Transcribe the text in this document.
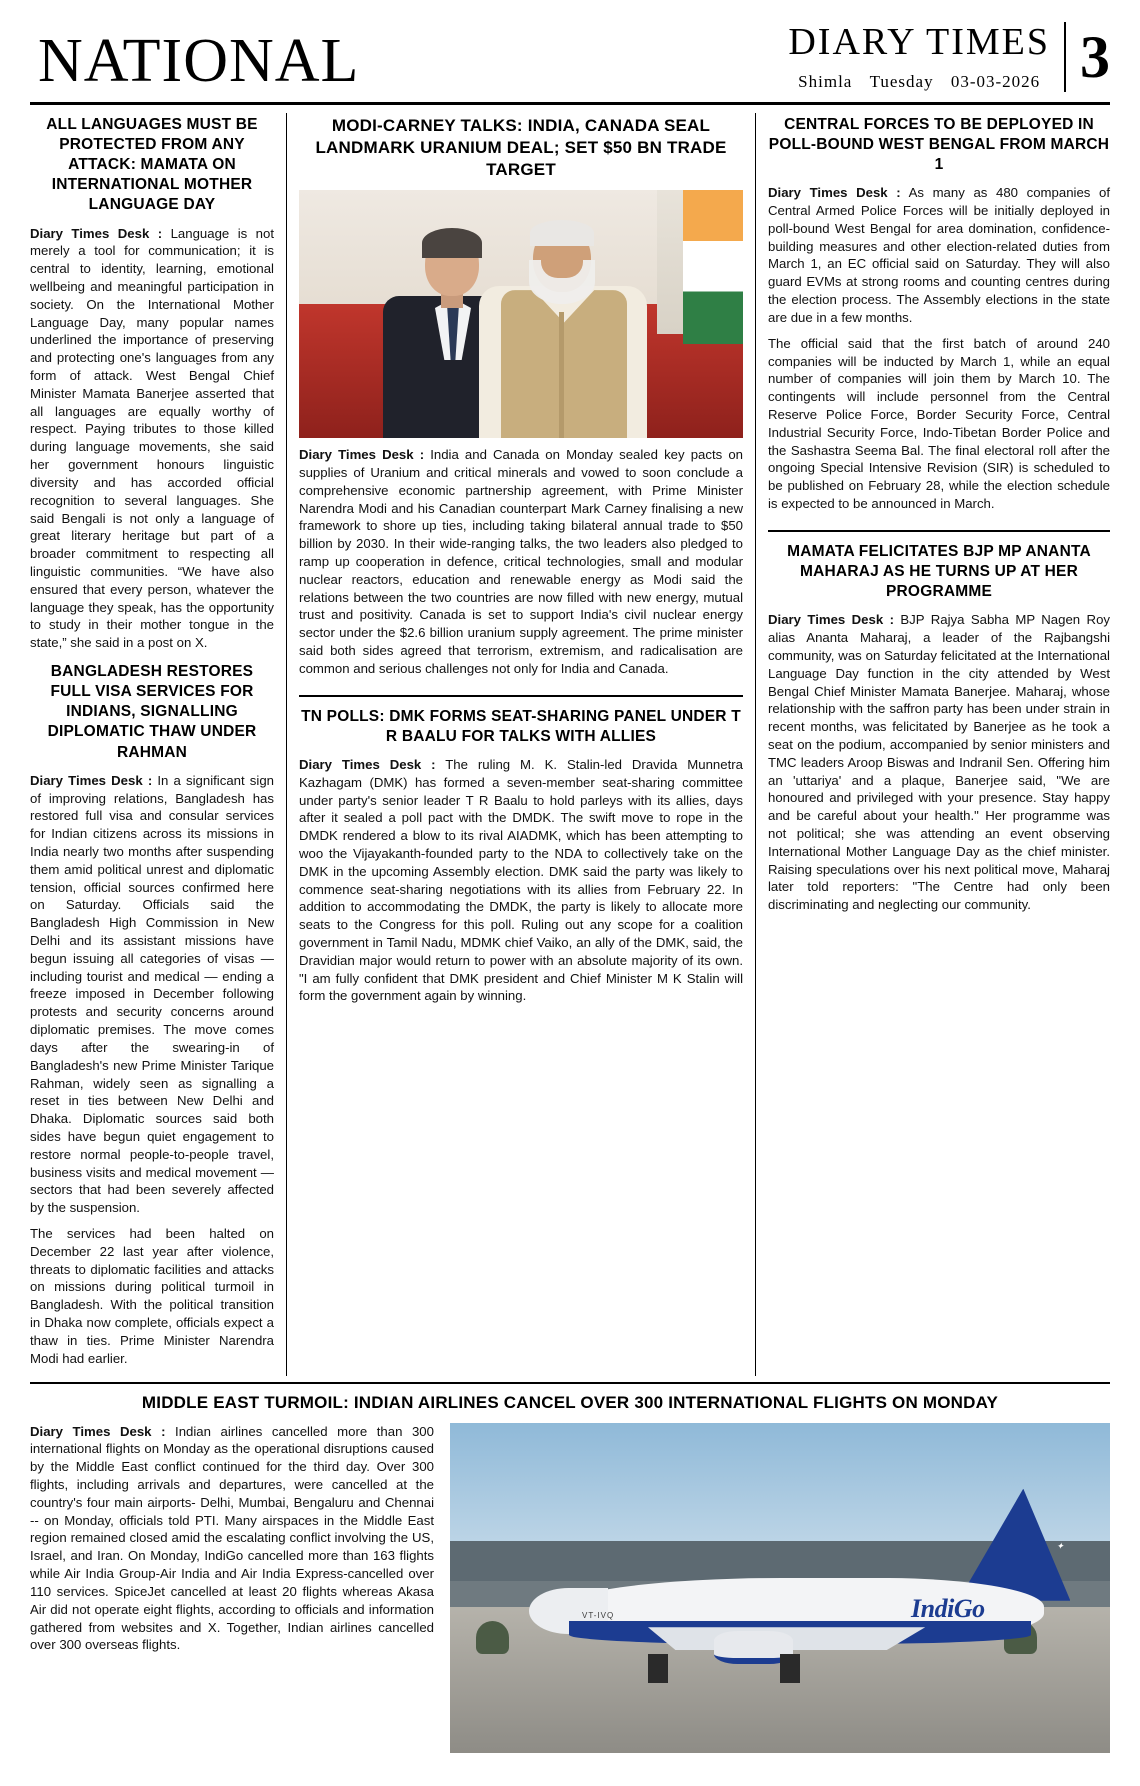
NATIONAL	DIARY TIMES
Shimla Tuesday 03-03-2026 3
ALL LANGUAGES MUST BE PROTECTED FROM ANY ATTACK: MAMATA ON INTERNATIONAL MOTHER LANGUAGE DAY

Diary Times Desk : Language is not merely a tool for communication; it is central to identity, learning, emotional wellbeing and meaningful participation in society. On the International Mother Language Day, many popular names underlined the importance of preserving and protecting one's languages from any form of attack. West Bengal Chief Minister Mamata Banerjee asserted that all languages are equally worthy of respect. Paying tributes to those killed during language movements, she said her government honours linguistic diversity and has accorded official recognition to several languages. She said Bengali is not only a language of great literary heritage but part of a broader commitment to respecting all linguistic communities. “We have also ensured that every person, whatever the language they speak, has the opportunity to study in their mother tongue in the state,” she said in a post on X.

BANGLADESH RESTORES FULL VISA SERVICES FOR INDIANS, SIGNALLING DIPLOMATIC THAW UNDER RAHMAN

Diary Times Desk : In a significant sign of improving relations, Bangladesh has restored full visa and consular services for Indian citizens across its missions in India nearly two months after suspending them amid political unrest and diplomatic tension, official sources confirmed here on Saturday. Officials said the Bangladesh High Commission in New Delhi and its assistant missions have begun issuing all categories of visas — including tourist and medical — ending a freeze imposed in December following protests and security concerns around diplomatic premises. The move comes days after the swearing-in of Bangladesh's new Prime Minister Tarique Rahman, widely seen as signalling a reset in ties between New Delhi and Dhaka. Diplomatic sources said both sides have begun quiet engagement to restore normal people-to-people travel, business visits and medical movement — sectors that had been severely affected by the suspension.

The services had been halted on December 22 last year after violence, threats to diplomatic facilities and attacks on missions during political turmoil in Bangladesh. With the political transition in Dhaka now complete, officials expect a thaw in ties. Prime Minister Narendra Modi had earlier.

MODI-CARNEY TALKS: INDIA, CANADA SEAL LANDMARK URANIUM DEAL; SET $50 BN TRADE TARGET

Diary Times Desk : India and Canada on Monday sealed key pacts on supplies of Uranium and critical minerals and vowed to soon conclude a comprehensive economic partnership agreement, with Prime Minister Narendra Modi and his Canadian counterpart Mark Carney finalising a new framework to shore up ties, including taking bilateral annual trade to $50 billion by 2030. In their wide-ranging talks, the two leaders also pledged to ramp up cooperation in defence, critical technologies, small and modular nuclear reactors, education and renewable energy as Modi said the relations between the two countries are now filled with new energy, mutual trust and positivity. Canada is set to support India's civil nuclear energy sector under the $2.6 billion uranium supply agreement. The prime minister said both sides agreed that terrorism, extremism, and radicalisation are common and serious challenges not only for India and Canada.

TN POLLS: DMK FORMS SEAT-SHARING PANEL UNDER T R BAALU FOR TALKS WITH ALLIES

Diary Times Desk : The ruling M. K. Stalin-led Dravida Munnetra Kazhagam (DMK) has formed a seven-member seat-sharing committee under party's senior leader T R Baalu to hold parleys with its allies, days after it sealed a poll pact with the DMDK. The swift move to rope in the DMDK rendered a blow to its rival AIADMK, which has been attempting to woo the Vijayakanth-founded party to the NDA to collectively take on the DMK in the upcoming Assembly election. DMK said the party was likely to commence seat-sharing negotiations with its allies from February 22. In addition to accommodating the DMDK, the party is likely to allocate more seats to the Congress for this poll. Ruling out any scope for a coalition government in Tamil Nadu, MDMK chief Vaiko, an ally of the DMK, said, the Dravidian major would return to power with an absolute majority of its own. "I am fully confident that DMK president and Chief Minister M K Stalin will form the government again by winning.

CENTRAL FORCES TO BE DEPLOYED IN POLL-BOUND WEST BENGAL FROM MARCH 1

Diary Times Desk : As many as 480 companies of Central Armed Police Forces will be initially deployed in poll-bound West Bengal for area domination, confidence-building measures and other election-related duties from March 1, an EC official said on Saturday. They will also guard EVMs at strong rooms and counting centres during the election process. The Assembly elections in the state are due in a few months.

The official said that the first batch of around 240 companies will be inducted by March 1, while an equal number of companies will join them by March 10. The contingents will include personnel from the Central Reserve Police Force, Border Security Force, Central Industrial Security Force, Indo-Tibetan Border Police and the Sashastra Seema Bal. The final electoral roll after the ongoing Special Intensive Revision (SIR) is scheduled to be published on February 28, while the election schedule is expected to be announced in March.

MAMATA FELICITATES BJP MP ANANTA MAHARAJ AS HE TURNS UP AT HER PROGRAMME

Diary Times Desk : BJP Rajya Sabha MP Nagen Roy alias Ananta Maharaj, a leader of the Rajbangshi community, was on Saturday felicitated at the International Language Day function in the city attended by West Bengal Chief Minister Mamata Banerjee. Maharaj, whose relationship with the saffron party has been under strain in recent months, was felicitated by Banerjee as he took a seat on the podium, accompanied by senior ministers and TMC leaders Aroop Biswas and Indranil Sen. Offering him an 'uttariya' and a plaque, Banerjee said, "We are honoured and privileged with your presence. Stay happy and be careful about your health." Her programme was not political; she was attending an event observing International Mother Language Day as the chief minister. Raising speculations over his next political move, Maharaj later told reporters: "The Centre had only been discriminating and neglecting our community.

MIDDLE EAST TURMOIL: INDIAN AIRLINES CANCEL OVER 300 INTERNATIONAL FLIGHTS ON MONDAY

Diary Times Desk : Indian airlines cancelled more than 300 international flights on Monday as the operational disruptions caused by the Middle East conflict continued for the third day. Over 300 flights, including arrivals and departures, were cancelled at the country's four main airports- Delhi, Mumbai, Bengaluru and Chennai -- on Monday, officials told PTI. Many airspaces in the Middle East region remained closed amid the escalating conflict involving the US, Israel, and Iran. On Monday, IndiGo cancelled more than 163 flights while Air India Group-Air India and Air India Express-cancelled over 110 services. SpiceJet cancelled at least 20 flights whereas Akasa Air did not operate eight flights, according to officials and information gathered from websites and X. Together, Indian airlines cancelled over 300 overseas flights.

✦
VT-IVQ	IndiGo
